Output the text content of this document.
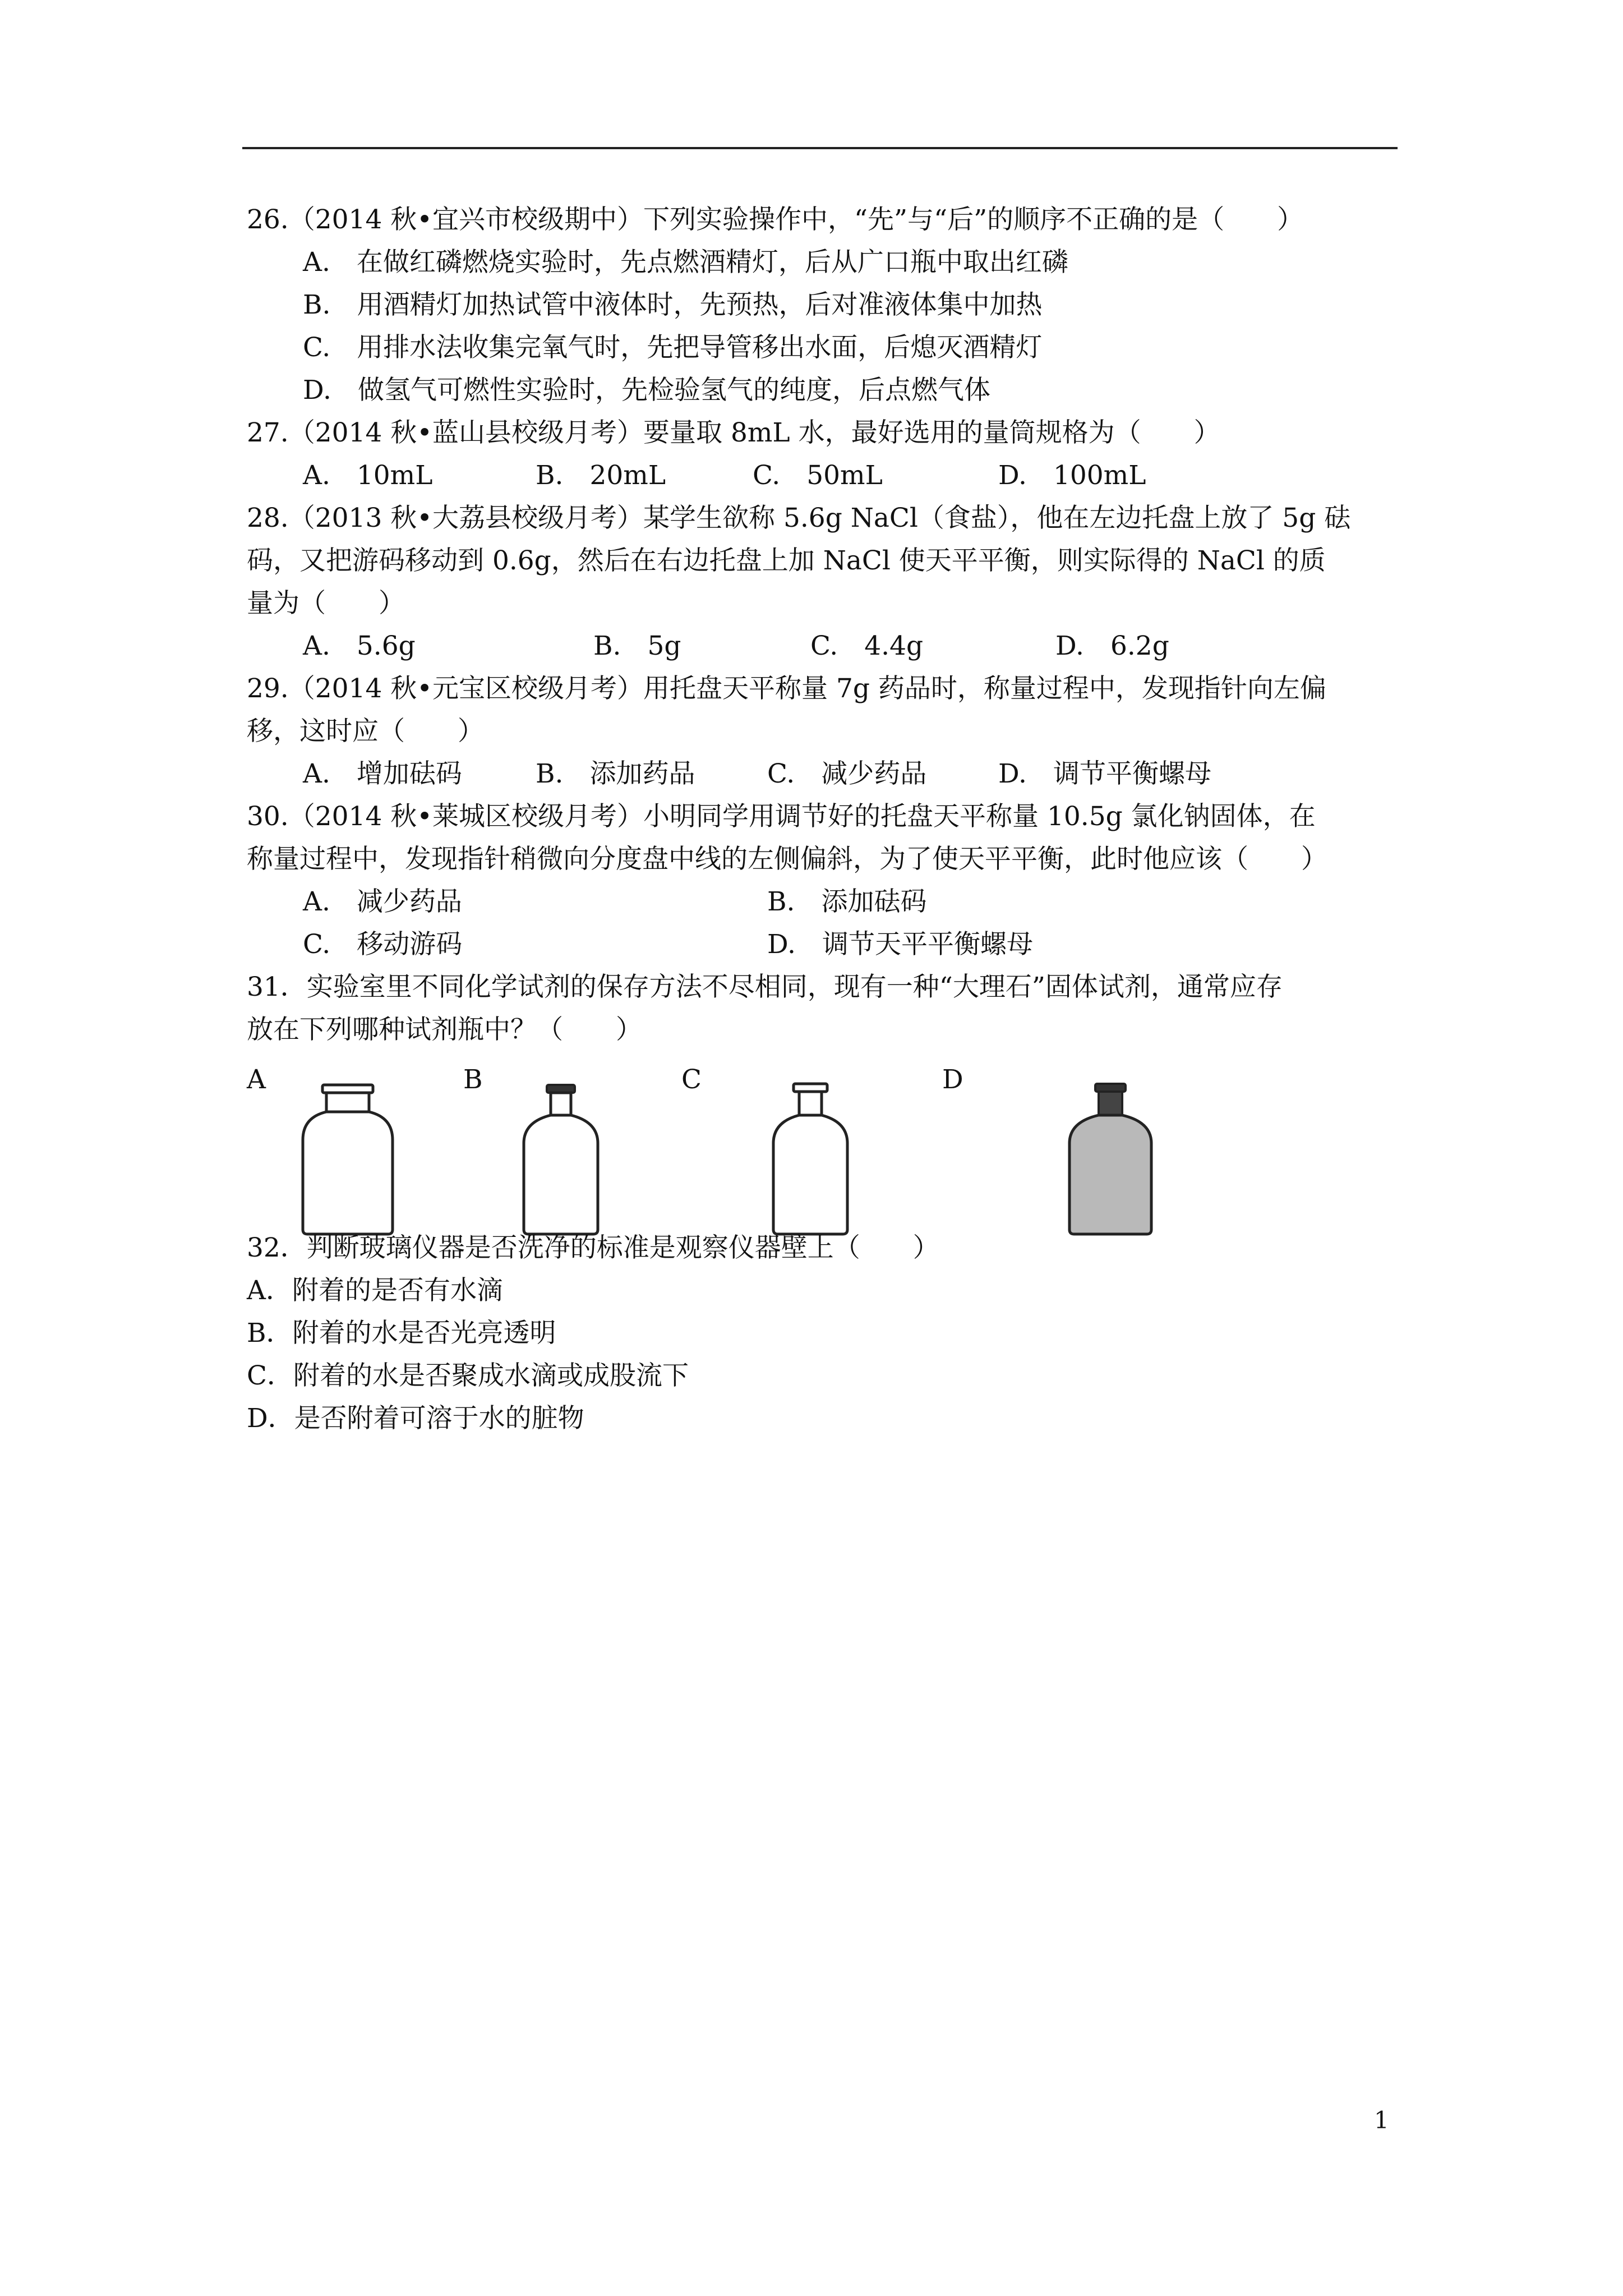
26.（2014 秋•宜兴市校级期中）下列实验操作中，“先”与“后”的顺序不正确的是（　　）
A.　在做红磷燃烧实验时，先点燃酒精灯，后从广口瓶中取出红磷
B.　用酒精灯加热试管中液体时，先预热，后对准液体集中加热
C.　用排水法收集完氧气时，先把导管移出水面，后熄灭酒精灯
D.　做氢气可燃性实验时，先检验氢气的纯度，后点燃气体
27.（2014 秋•蓝山县校级月考）要量取 8mL 水，最好选用的量筒规格为（　　）
A.　10mL	B.　20mL	C.　50mL	D.　100mL
28.（2013 秋•大荔县校级月考）某学生欲称 5.6g NaCl（食盐），他在左边托盘上放了 5g 砝
码，又把游码移动到 0.6g，然后在右边托盘上加 NaCl 使天平平衡，则实际得的 NaCl 的质
量为（　　）
A.　5.6g	B.　5g	C.　4.4g	D.　6.2g
29.（2014 秋•元宝区校级月考）用托盘天平称量 7g 药品时，称量过程中，发现指针向左偏
移，这时应（　　）
A.　增加砝码	B.　添加药品	C.　减少药品	D.　调节平衡螺母
30.（2014 秋•莱城区校级月考）小明同学用调节好的托盘天平称量 10.5g 氯化钠固体，在
称量过程中，发现指针稍微向分度盘中线的左侧偏斜，为了使天平平衡，此时他应该（　　）
A.　减少药品	B.　添加砝码
C.　移动游码	D.　调节天平平衡螺母
31．实验室里不同化学试剂的保存方法不尽相同，现有一种“大理石”固体试剂，通常应存
放在下列哪种试剂瓶中？（　　）
A	B	C	D
32．判断玻璃仪器是否洗净的标准是观察仪器壁上（　　）
A．附着的是否有水滴
B．附着的水是否光亮透明
C．附着的水是否聚成水滴或成股流下
D．是否附着可溶于水的脏物
1
